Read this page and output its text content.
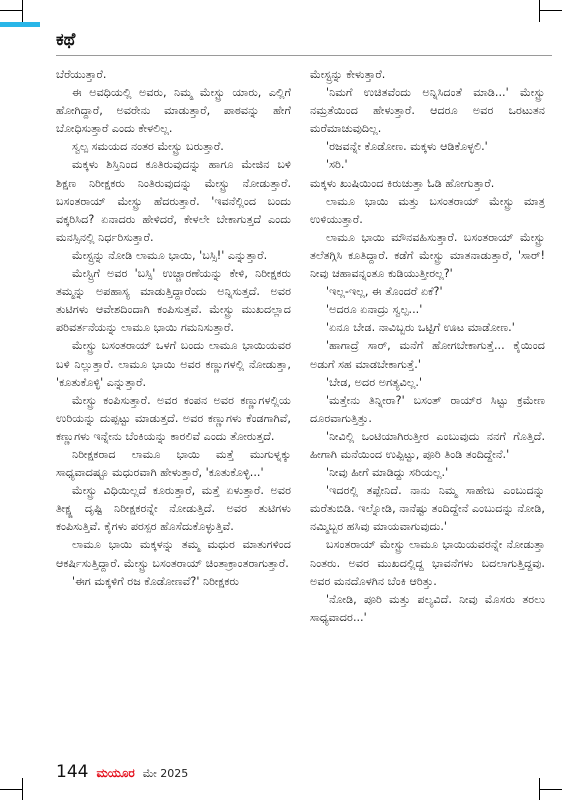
ಕಥೆ

ಬೆರೆಯುತ್ತಾರೆ.

ಈ ಅವಧಿಯಲ್ಲಿ ಅವರು, ನಿಮ್ಮ ಮೇಸ್ಟ್ರು ಯಾರು, ಎಲ್ಲಿಗೆ ಹೋಗಿದ್ದಾರೆ, ಅವರೇನು ಮಾಡುತ್ತಾರೆ, ಪಾಠವನ್ನು ಹೇಗೆ ಬೋಧಿಸುತ್ತಾರೆ ಎಂದು ಕೇಳಲಿಲ್ಲ.

ಸ್ವಲ್ಪ ಸಮಯದ ನಂತರ ಮೇಸ್ಟ್ರು ಬರುತ್ತಾರೆ.

ಮಕ್ಕಳು ಶಿಸ್ತಿನಿಂದ ಕೂತಿರುವುದನ್ನು ಹಾಗೂ ಮೇಜಿನ ಬಳಿ ಶಿಕ್ಷಣ ನಿರೀಕ್ಷಕರು ನಿಂತಿರುವುದನ್ನು ಮೇಸ್ಟ್ರು ನೋಡುತ್ತಾರೆ. ಬಸಂತರಾಯ್ ಮೇಸ್ಟ್ರು ಹೆದರುತ್ತಾರೆ. 'ಇವನೆಲ್ಲಿಂದ ಬಂದು ವಕ್ಕರಿಸಿದ? ಏನಾದರು ಹೇಳಿದರೆ, ಕೇಳಲೇ ಬೇಕಾಗುತ್ತದೆ ಎಂದು ಮನಸ್ಸಿನಲ್ಲಿ ನಿರ್ಧರಿಸುತ್ತಾರೆ.

ಮೇಸ್ಟ್ರನ್ನು ನೋಡಿ ಲಾಮೂ ಭಾಯಿ, 'ಬಸ್ಸಿ!' ಎನ್ನುತ್ತಾರೆ.

ಮೇಸ್ಟ್ರಿಗೆ ಅವರ 'ಬಸ್ಸಿ' ಉಚ್ಚಾರಣೆಯನ್ನು ಕೇಳಿ, ನಿರೀಕ್ಷಕರು ತಮ್ಮನ್ನು ಅಪಹಾಸ್ಯ ಮಾಡುತ್ತಿದ್ದಾರೆಂದು ಅನ್ನಿಸುತ್ತದೆ. ಅವರ ತುಟಿಗಳು ಆವೇಶದಿಂದಾಗಿ ಕಂಪಿಸುತ್ತವೆ. ಮೇಸ್ಟ್ರು ಮುಖದಲ್ಲಾದ ಪರಿವರ್ತನೆಯನ್ನು ಲಾಮೂ ಭಾಯಿ ಗಮನಿಸುತ್ತಾರೆ.

ಮೇಸ್ಟ್ರು ಬಸಂತರಾಯ್ ಒಳಗೆ ಬಂದು ಲಾಮೂ ಭಾಯಿಯವರ ಬಳಿ ನಿಲ್ಲುತ್ತಾರೆ. ಲಾಮೂ ಭಾಯಿ ಅವರ ಕಣ್ಣುಗಳಲ್ಲಿ ನೋಡುತ್ತಾ, 'ಕೂತುಕೊಳ್ಳಿ' ಎನ್ನುತ್ತಾರೆ.

ಮೇಸ್ಟ್ರು ಕಂಪಿಸುತ್ತಾರೆ. ಅವರ ಕಂಪನ ಅವರ ಕಣ್ಣುಗಳಲ್ಲಿಯ ಉರಿಯನ್ನು ದುಪ್ಪಟ್ಟು ಮಾಡುತ್ತದೆ. ಅವರ ಕಣ್ಣುಗಳು ಕೆಂಡಗಾಗಿವೆ, ಕಣ್ಣುಗಳು ಇನ್ನೇನು ಬೆಂಕಿಯನ್ನು ಕಾರಲಿವೆ ಎಂದು ತೋರುತ್ತದೆ.

ನಿರೀಕ್ಷಕರಾದ ಲಾಮೂ ಭಾಯಿ ಮತ್ತೆ ಮುಗುಳ್ನಕ್ಕು ಸಾಧ್ಯವಾದಷ್ಟೂ ಮಧುರವಾಗಿ ಹೇಳುತ್ತಾರೆ, 'ಕೂತುಕೊಳ್ಳಿ...'

ಮೇಸ್ಟ್ರು ವಿಧಿಯಿಲ್ಲದೆ ಕೂರುತ್ತಾರೆ, ಮತ್ತೆ ಏಳುತ್ತಾರೆ. ಅವರ ತೀಕ್ಷ್ಣ ದೃಷ್ಟಿ ನಿರೀಕ್ಷಕರನ್ನೇ ನೋಡುತ್ತಿದೆ. ಅವರ ತುಟಿಗಳು ಕಂಪಿಸುತ್ತಿವೆ. ಕೈಗಳು ಪರಸ್ಪರ ಹೊಸೆದುಕೊಳ್ಳುತ್ತಿವೆ.

ಲಾಮೂ ಭಾಯಿ ಮಕ್ಕಳನ್ನು ತಮ್ಮ ಮಧುರ ಮಾತುಗಳಿಂದ ಆಕರ್ಷಿಸುತ್ತಿದ್ದಾರೆ. ಮೇಸ್ಟ್ರು ಬಸಂತರಾಯ್ ಚಿಂತಾಕ್ರಾಂತರಾಗುತ್ತಾರೆ.

'ಈಗ ಮಕ್ಕಳಿಗೆ ರಜ ಕೊಡೋಣವೆ?' ನಿರೀಕ್ಷಕರು

ಮೇಸ್ಟ್ರನ್ನು ಕೇಳುತ್ತಾರೆ.

'ನಿಮಗೆ ಉಚಿತವೆಂದು ಅನ್ನಿಸಿದಂತೆ ಮಾಡಿ...' ಮೇಸ್ಟ್ರು ನಮ್ರತೆಯಿಂದ ಹೇಳುತ್ತಾರೆ. ಆದರೂ ಅವರ ಒರಟುತನ ಮರೆಮಾಚುವುದಿಲ್ಲ.

'ರಜವನ್ನೇ ಕೊಡೋಣ. ಮಕ್ಕಳು ಆಡಿಕೊಳ್ಳಲಿ.'

'ಸರಿ.'

ಮಕ್ಕಳು ಖುಷಿಯಿಂದ ಕಿರುಚುತ್ತಾ ಓಡಿ ಹೋಗುತ್ತಾರೆ.

ಲಾಮೂ ಭಾಯಿ ಮತ್ತು ಬಸಂತರಾಯ್ ಮೇಸ್ಟ್ರು ಮಾತ್ರ ಉಳಿಯುತ್ತಾರೆ.

ಲಾಮೂ ಭಾಯಿ ಮೌನವಹಿಸುತ್ತಾರೆ. ಬಸಂತರಾಯ್ ಮೇಸ್ಟ್ರು ತಲೆತಗ್ಗಿಸಿ ಕೂತಿದ್ದಾರೆ. ಕಡೆಗೆ ಮೇಸ್ಟ್ರು ಮಾತನಾಡುತ್ತಾರೆ, 'ಸಾರ್! ನೀವು ಚಹಾವನ್ನಂತೂ ಕುಡಿಯುತ್ತೀರಲ್ಲ?'

'ಇಲ್ಲ-ಇಲ್ಲ, ಈ ತೊಂದರೆ ಏಕೆ?'

'ಅದರೂ ಏನಾದ್ರು ಸ್ವಲ್ಪ...'

'ಏನೂ ಬೇಡ. ನಾವಿಬ್ಬರು ಒಟ್ಟಿಗೆ ಊಟ ಮಾಡೋಣ.'

'ಹಾಗಾದ್ರೆ ಸಾರ್, ಮನೆಗೆ ಹೋಗಬೇಕಾಗುತ್ತೆ... ಕೈಯಿಂದ ಅಡುಗೆ ಸಹ ಮಾಡಬೇಕಾಗುತ್ತೆ.'

'ಬೇಡ, ಅದರ ಅಗತ್ಯವಿಲ್ಲ.'

'ಮತ್ತೇನು ತಿನ್ನೀರಾ?' ಬಸಂತ್ ರಾಯ್‌ರ ಸಿಟ್ಟು ಕ್ರಮೇಣ ದೂರವಾಗುತ್ತಿತ್ತು.

'ನೀವಿಲ್ಲಿ ಒಂಟಿಯಾಗಿರುತ್ತೀರ ಎಂಬುವುದು ನನಗೆ ಗೊತ್ತಿದೆ. ಹೀಗಾಗಿ ಮನೆಯಿಂದ ಉಪ್ಪಿಟ್ಟು, ಪೂರಿ ತಿಂಡಿ ತಂದಿದ್ದೇನೆ.'

'ನೀವು ಹೀಗೆ ಮಾಡಿದ್ದು ಸರಿಯಲ್ಲ.'

'ಇದರಲ್ಲಿ ತಪ್ಪೇನಿದೆ. ನಾನು ನಿಮ್ಮ ಸಾಹೇಬ ಎಂಬುದನ್ನು ಮರೆತುಬಿಡಿ. ಇಲ್ನೋಡಿ, ನಾನೆಷ್ಟು ತಂದಿದ್ದೇನೆ ಎಂಬುದನ್ನು ನೋಡಿ, ನಮ್ಮಿಬ್ಬರ ಹಸಿವು ಮಾಯವಾಗುವುದು.'

ಬಸಂತರಾಯ್ ಮೇಸ್ಟ್ರು ಲಾಮೂ ಭಾಯಿಯವರನ್ನೇ ನೋಡುತ್ತಾ ನಿಂತರು. ಅವರ ಮುಖದಲ್ಲಿದ್ದ ಭಾವನೆಗಳು ಬದಲಾಗುತ್ತಿದ್ದವು. ಅವರ ಮನದೊಳಗಿನ ಬೆಂಕಿ ಆರಿತ್ತು.

'ನೋಡಿ, ಪೂರಿ ಮತ್ತು ಪಲ್ಯವಿದೆ. ನೀವು ಮೊಸರು ತರಲು ಸಾಧ್ಯವಾದರ...'

144 ಮಯೂರ ಮೇ 2025
